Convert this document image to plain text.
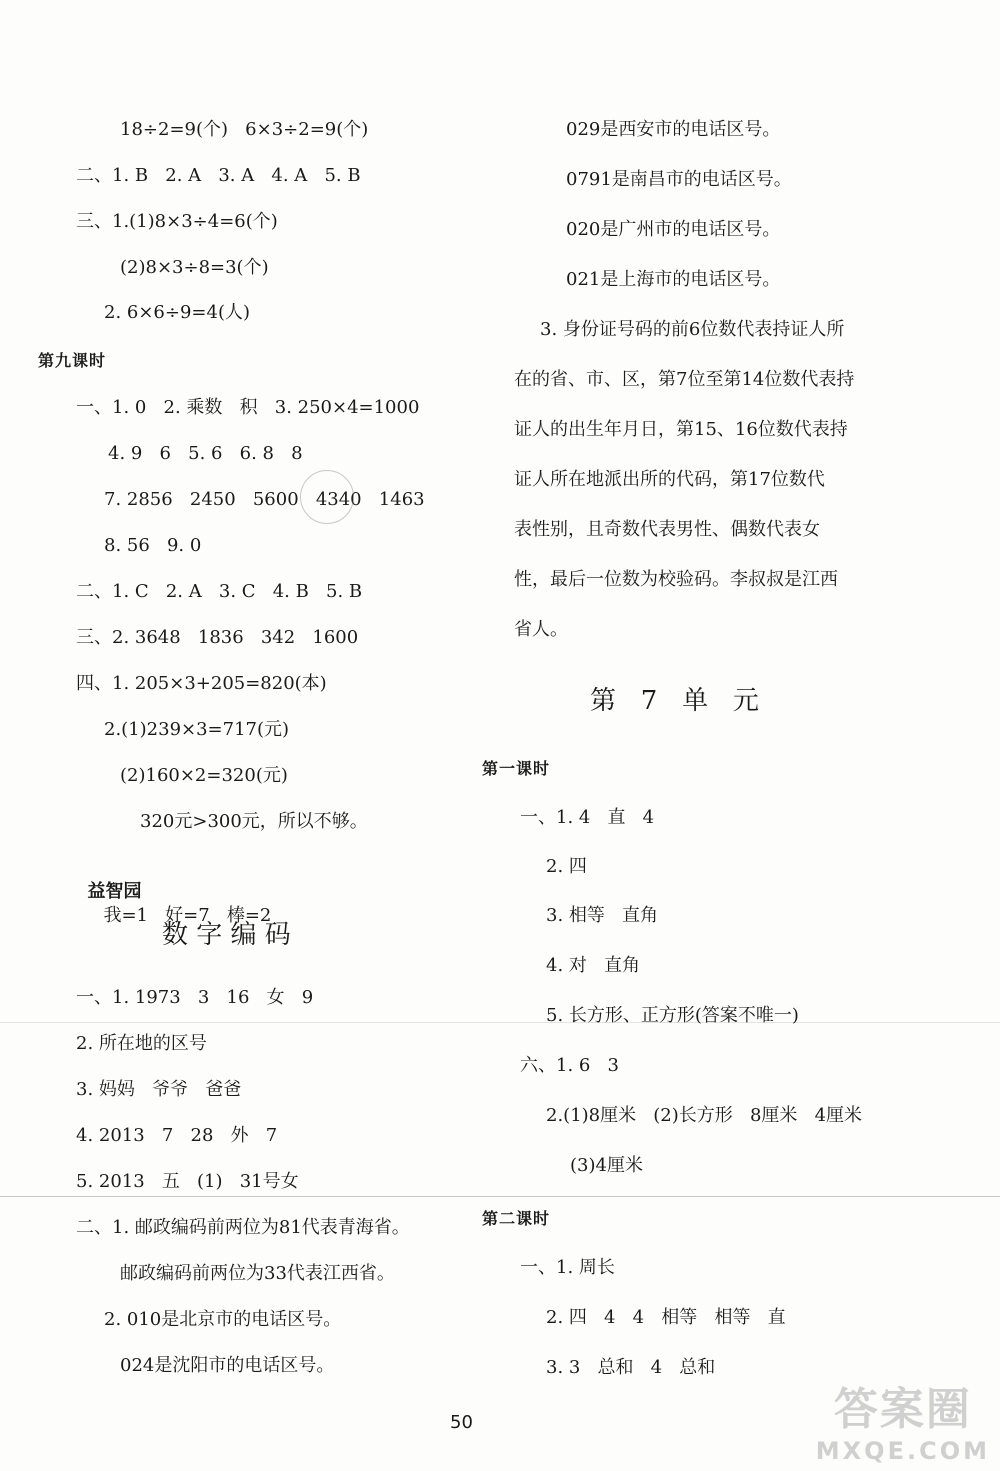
18÷2=9(个)   6×3÷2=9(个)
二、1. B   2. A   3. A   4. A   5. B
三、1.(1)8×3÷4=6(个)
(2)8×3÷8=3(个)
2. 6×6÷9=4(人)
第九课时
一、1. 0   2. 乘数   积   3. 250×4=1000
4. 9   6   5. 6   6. 8   8
7. 2856   2450   5600   4340   1463
8. 56   9. 0
二、1. C   2. A   3. C   4. B   5. B
三、2. 3648   1836   342   1600
四、1. 205×3+205=820(本)
2.(1)239×3=717(元)
(2)160×2=320(元)
320元>300元，所以不够。

益智园
我=1   好=7   棒=2

数 字 编 码
一、1. 1973   3   16   女   9
2. 所在地的区号
3. 妈妈   爷爷   爸爸
4. 2013   7   28   外   7
5. 2013   五   (1)   31号女
二、1. 邮政编码前两位为81代表青海省。
邮政编码前两位为33代表江西省。
2. 010是北京市的电话区号。
024是沈阳市的电话区号。
029是西安市的电话区号。
0791是南昌市的电话区号。
020是广州市的电话区号。
021是上海市的电话区号。
3. 身份证号码的前6位数代表持证人所
在的省、市、区，第7位至第14位数代表持
证人的出生年月日，第15、16位数代表持
证人所在地派出所的代码，第17位数代
表性别，且奇数代表男性、偶数代表女
性，最后一位数为校验码。李叔叔是江西
省人。
第   7   单   元
第一课时
一、1. 4   直   4
2. 四
3. 相等   直角
4. 对   直角
5. 长方形、正方形(答案不唯一)
六、1. 6   3
2.(1)8厘米   (2)长方形   8厘米   4厘米
(3)4厘米
第二课时
一、1. 周长
2. 四   4   4   相等   相等   直
3. 3   总和   4   总和
50	答案圈
MXQE.COM
